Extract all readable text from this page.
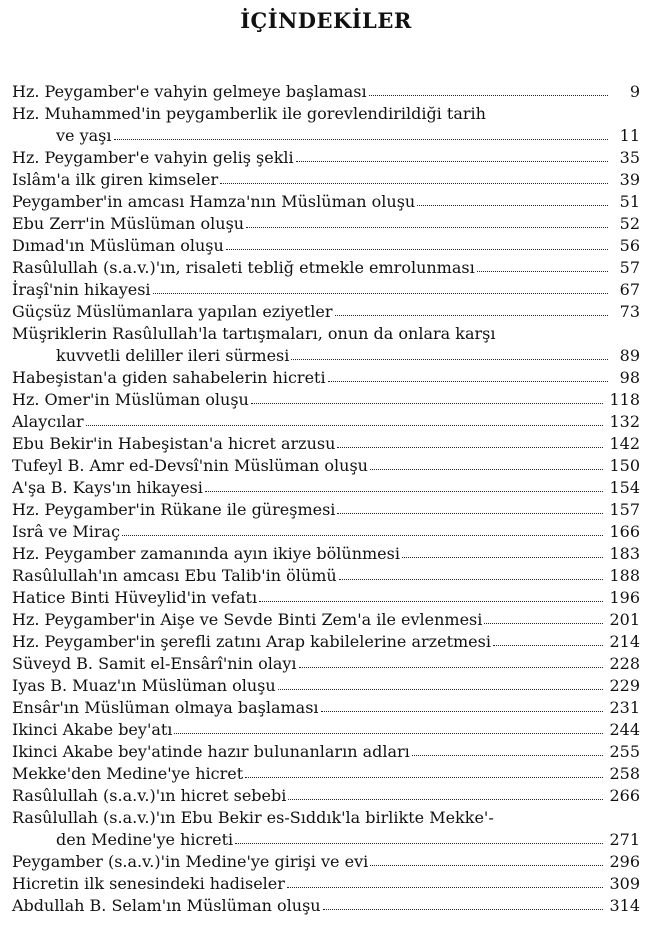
İÇİNDEKİLER
Hz. Peygamber'e vahyin gelmeye başlaması	9
Hz. Muhammed'in peygamberlik ile gorevlendirildiği tarih
ve yaşı	11
Hz. Peygamber'e vahyin geliş şekli	35
Islâm'a ilk giren kimseler	39
Peygamber'in amcası Hamza'nın Müslüman oluşu	51
Ebu Zerr'in Müslüman oluşu	52
Dımad'ın Müslüman oluşu	56
Rasûlullah (s.a.v.)'ın, risaleti tebliğ etmekle emrolunması	57
İraşî'nin hikayesi	67
Güçsüz Müslümanlara yapılan eziyetler	73
Müşriklerin Rasûlullah'la tartışmaları, onun da onlara karşı
kuvvetli deliller ileri sürmesi	89
Habeşistan'a giden sahabelerin hicreti	98
Hz. Omer'in Müslüman oluşu	118
Alaycılar	132
Ebu Bekir'in Habeşistan'a hicret arzusu	142
Tufeyl B. Amr ed-Devsî'nin Müslüman oluşu	150
A'şa B. Kays'ın hikayesi	154
Hz. Peygamber'in Rükane ile güreşmesi	157
Isrâ ve Miraç	166
Hz. Peygamber zamanında ayın ikiye bölünmesi	183
Rasûlullah'ın amcası Ebu Talib'in ölümü	188
Hatice Binti Hüveylid'in vefatı	196
Hz. Peygamber'in Aişe ve Sevde Binti Zem'a ile evlenmesi	201
Hz. Peygamber'in şerefli zatını Arap kabilelerine arzetmesi	214
Süveyd B. Samit el-Ensârî'nin olayı	228
Iyas B. Muaz'ın Müslüman oluşu	229
Ensâr'ın Müslüman olmaya başlaması	231
Ikinci Akabe bey'atı	244
Ikinci Akabe bey'atinde hazır bulunanların adları	255
Mekke'den Medine'ye hicret	258
Rasûlullah (s.a.v.)'ın hicret sebebi	266
Rasûlullah (s.a.v.)'ın Ebu Bekir es-Sıddık'la birlikte Mekke'-
den Medine'ye hicreti	271
Peygamber (s.a.v.)'in Medine'ye girişi ve evi	296
Hicretin ilk senesindeki hadiseler	309
Abdullah B. Selam'ın Müslüman oluşu	314
